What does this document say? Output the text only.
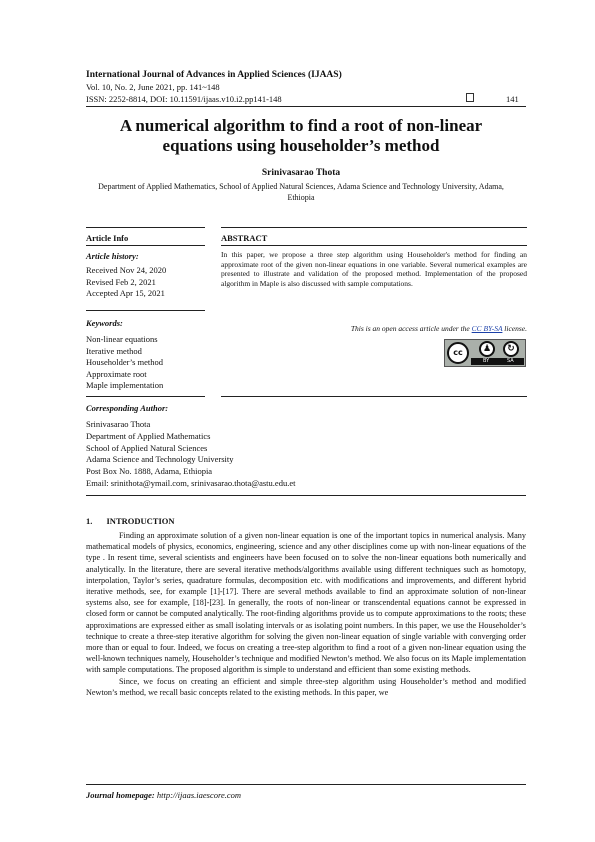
International Journal of Advances in Applied Sciences (IJAAS)
Vol. 10, No. 2, June 2021, pp. 141~148
ISSN: 2252-8814, DOI: 10.11591/ijaas.v10.i2.pp141-148	141
A numerical algorithm to find a root of non-linear equations using householder’s method
Srinivasarao Thota
Department of Applied Mathematics, School of Applied Natural Sciences, Adama Science and Technology University, Adama, Ethiopia
Article Info
Article history:
Received Nov 24, 2020
Revised Feb 2, 2021
Accepted Apr 15, 2021
Keywords:
Non-linear equations
Iterative method
Householder’s method
Approximate root
Maple implementation
ABSTRACT
In this paper, we propose a three step algorithm using Householder's method for finding an approximate root of the given non-linear equations in one variable. Several numerical examples are presented to illustrate and validation of the proposed method. Implementation of the proposed algorithm in Maple is also discussed with sample computations.
This is an open access article under the CC BY-SA license.
cc	♟	↻
BY	SA
Corresponding Author:
Srinivasarao Thota
Department of Applied Mathematics
School of Applied Natural Sciences
Adama Science and Technology University
Post Box No. 1888, Adama, Ethiopia
Email: srinithota@ymail.com, srinivasarao.thota@astu.edu.et
1. INTRODUCTION

Finding an approximate solution of a given non-linear equation is one of the important topics in numerical analysis. Many mathematical models of physics, economics, engineering, science and any other disciplines come up with non-linear equations of the type . In resent time, several scientists and engineers have been focused on to solve the non-linear equations both numerically and analytically. In the literature, there are several iterative methods/algorithms available using different techniques such as homotopy, interpolation, Taylor’s series, quadrature formulas, decomposition etc. with modifications and improvements, and different hybrid iterative methods, see, for example [1]-[17]. There are several methods available to find an approximate solution of non-linear systems also, see for example, [18]-[23]. In generally, the roots of non-linear or transcendental equations cannot be expressed in closed form or cannot be computed analytically. The root-finding algorithms provide us to compute approximations to the roots; these approximations are expressed either as small isolating intervals or as isolating point numbers. In this paper, we use the Householder’s technique to create a three-step iterative algorithm for solving the given non-linear equation of single variable with converging order more than or equal to four. Indeed, we focus on creating a tree-step algorithm to find a root of a given non-linear equation using the well-known techniques namely, Householder’s technique and modified Newton’s method. We also focus on its Maple implementation with sample computations. The proposed algorithm is simple to understand and efficient than some existing methods.

Since, we focus on creating an efficient and simple three-step algorithm using Householder’s method and modified Newton’s method, we recall basic concepts related to the existing methods. In this paper, we

Journal homepage: http://ijaas.iaescore.com
